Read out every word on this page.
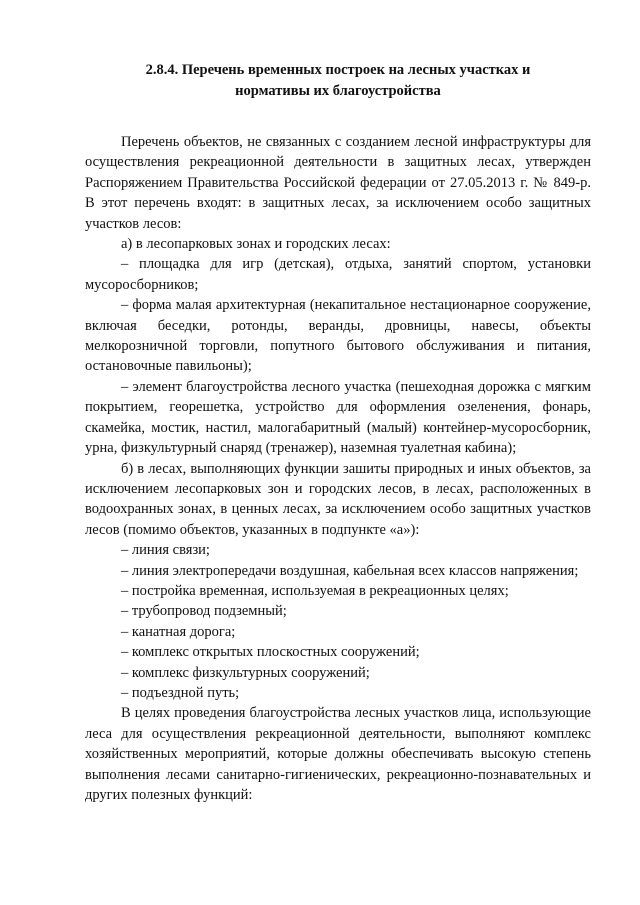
2.8.4. Перечень временных построек на лесных участках и
нормативы их благоустройства

Перечень объектов, не связанных с созданием лесной инфраструктуры для осуществления рекреационной деятельности в защитных лесах, утвержден Распоряжением Правительства Российской федерации от 27.05.2013 г. № 849-р. В этот перечень входят: в защитных лесах, за исключением особо защитных участков лесов:

а) в лесопарковых зонах и городских лесах:

– площадка для игр (детская), отдыха, занятий спортом, установки мусоросборников;

– форма малая архитектурная (некапитальное нестационарное сооружение, включая беседки, ротонды, веранды, дровницы, навесы, объекты мелкорозничной торговли, попутного бытового обслуживания и питания, остановочные павильоны);

– элемент благоустройства лесного участка (пешеходная дорожка с мягким покрытием, георешетка, устройство для оформления озеленения, фонарь, скамейка, мостик, настил, малогабаритный (малый) контейнер-мусоросборник, урна, физкультурный снаряд (тренажер), наземная туалетная кабина);

б) в лесах, выполняющих функции зашиты природных и иных объектов, за исключением лесопарковых зон и городских лесов, в лесах, расположенных в водоохранных зонах, в ценных лесах, за исключением особо защитных участков лесов (помимо объектов, указанных в подпункте «а»):

– линия связи;

– линия электропередачи воздушная, кабельная всех классов напряжения;

– постройка временная, используемая в рекреационных целях;

– трубопровод подземный;

– канатная дорога;

– комплекс открытых плоскостных сооружений;

– комплекс физкультурных сооружений;

– подъездной путь;

В целях проведения благоустройства лесных участков лица, использующие леса для осуществления рекреационной деятельности, выполняют комплекс хозяйственных мероприятий, которые должны обеспечивать высокую степень выполнения лесами санитарно-гигиенических, рекреационно-познавательных и других полезных функций:
